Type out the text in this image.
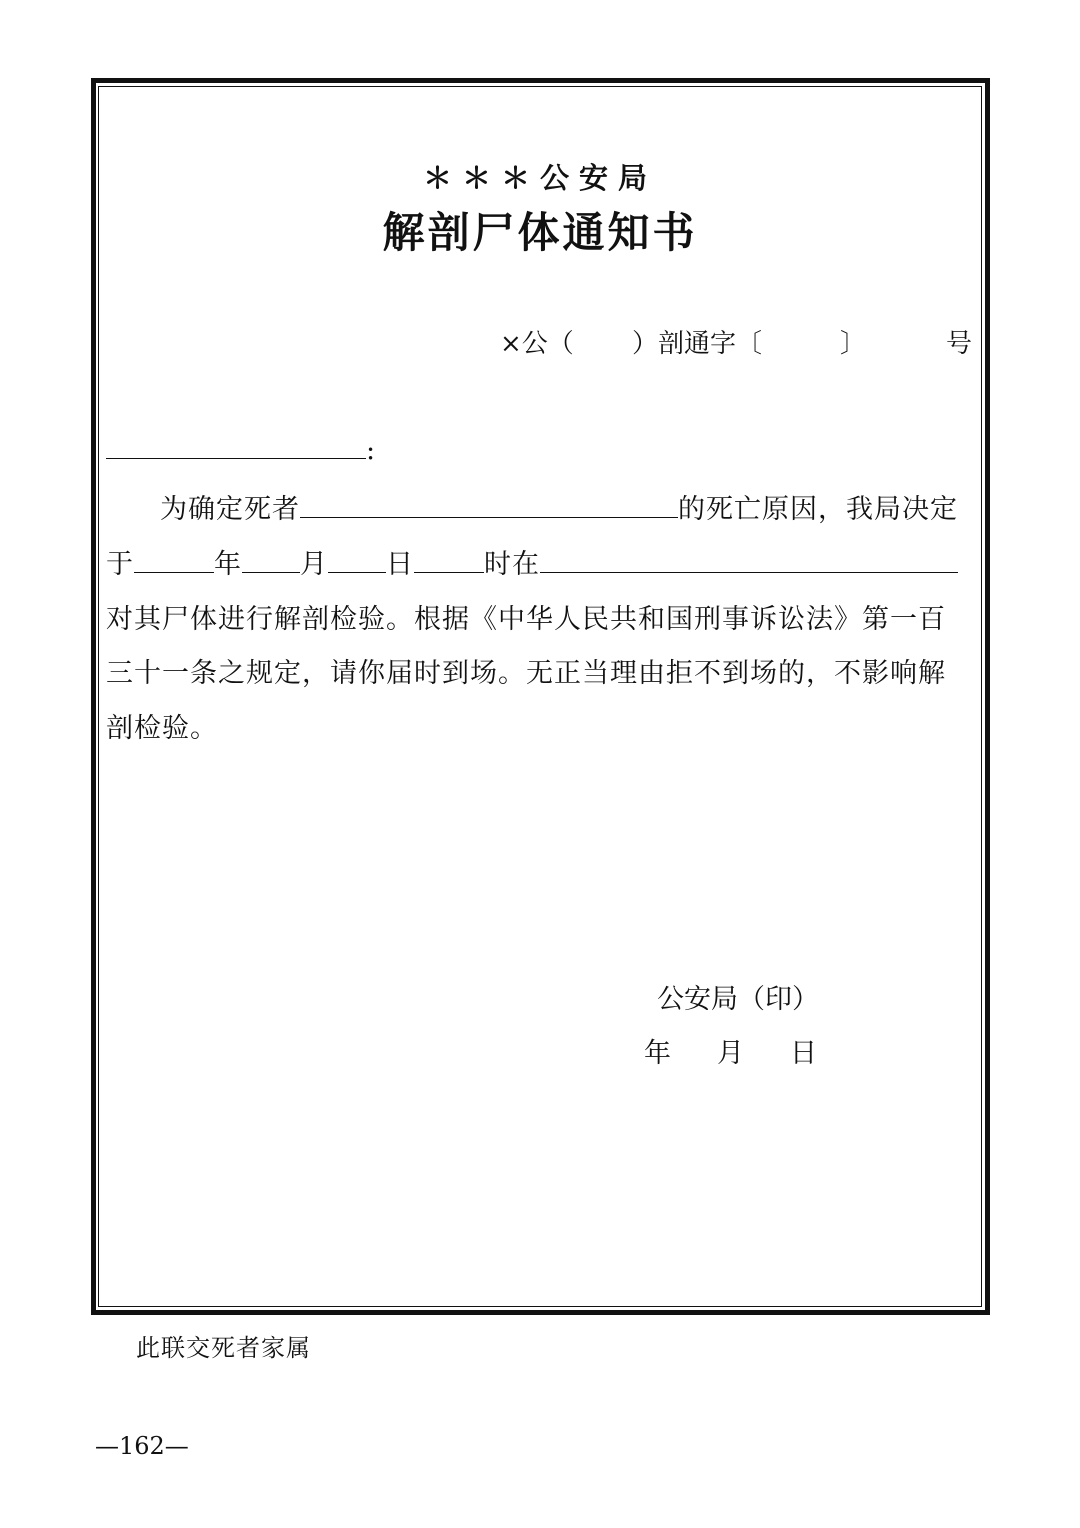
＊＊＊公安局
解剖尸体通知书
×公（ ）剖通字〔	〕	号
:
为确定死者	的死亡原因，我局决定
于	年 月 日	时在
对其尸体进行解剖检验。根据《中华人民共和国刑事诉讼法》第一百
三十一条之规定，请你届时到场。无正当理由拒不到场的，不影响解
剖检验。
公安局（印）
年 月 日
此联交死者家属
—162—
